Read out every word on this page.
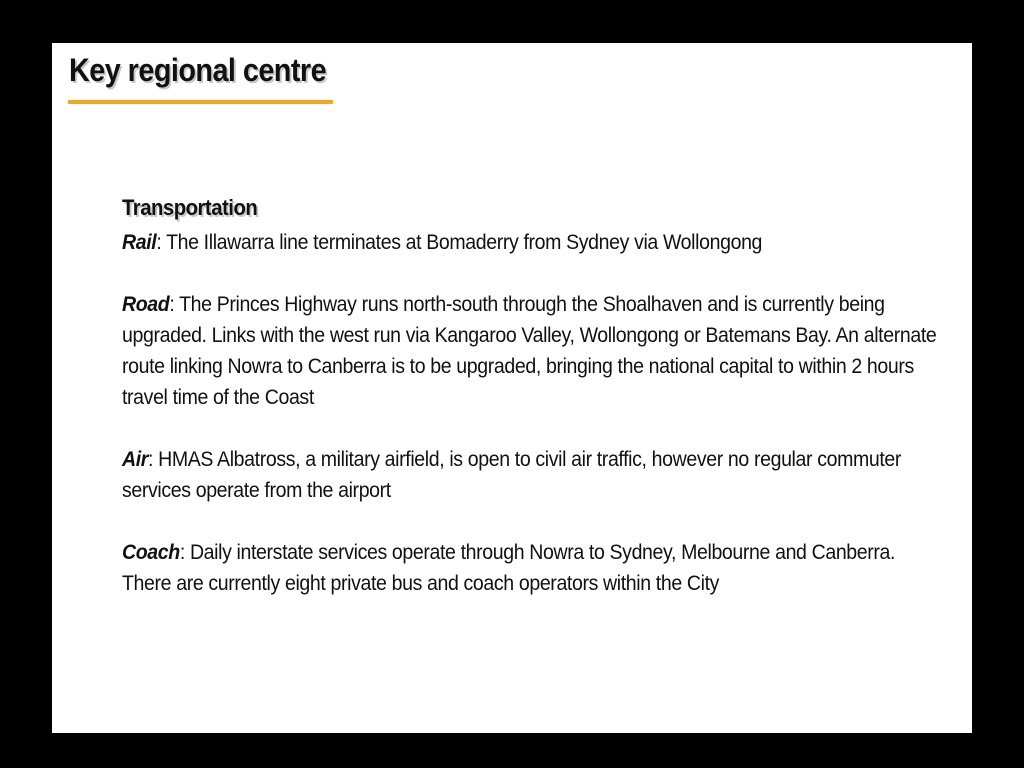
Key regional centre
Transportation

Rail: The Illawarra line terminates at Bomaderry from Sydney via Wollongong

Road: The Princes Highway runs north-south through the Shoalhaven and is currently being upgraded. Links with the west run via Kangaroo Valley, Wollongong or Batemans Bay. An alternate route linking Nowra to Canberra is to be upgraded, bringing the national capital to within 2 hours travel time of the Coast

Air: HMAS Albatross, a military airfield, is open to civil air traffic, however no regular commuter services operate from the airport

Coach: Daily interstate services operate through Nowra to Sydney, Melbourne and Canberra. There are currently eight private bus and coach operators within the City
